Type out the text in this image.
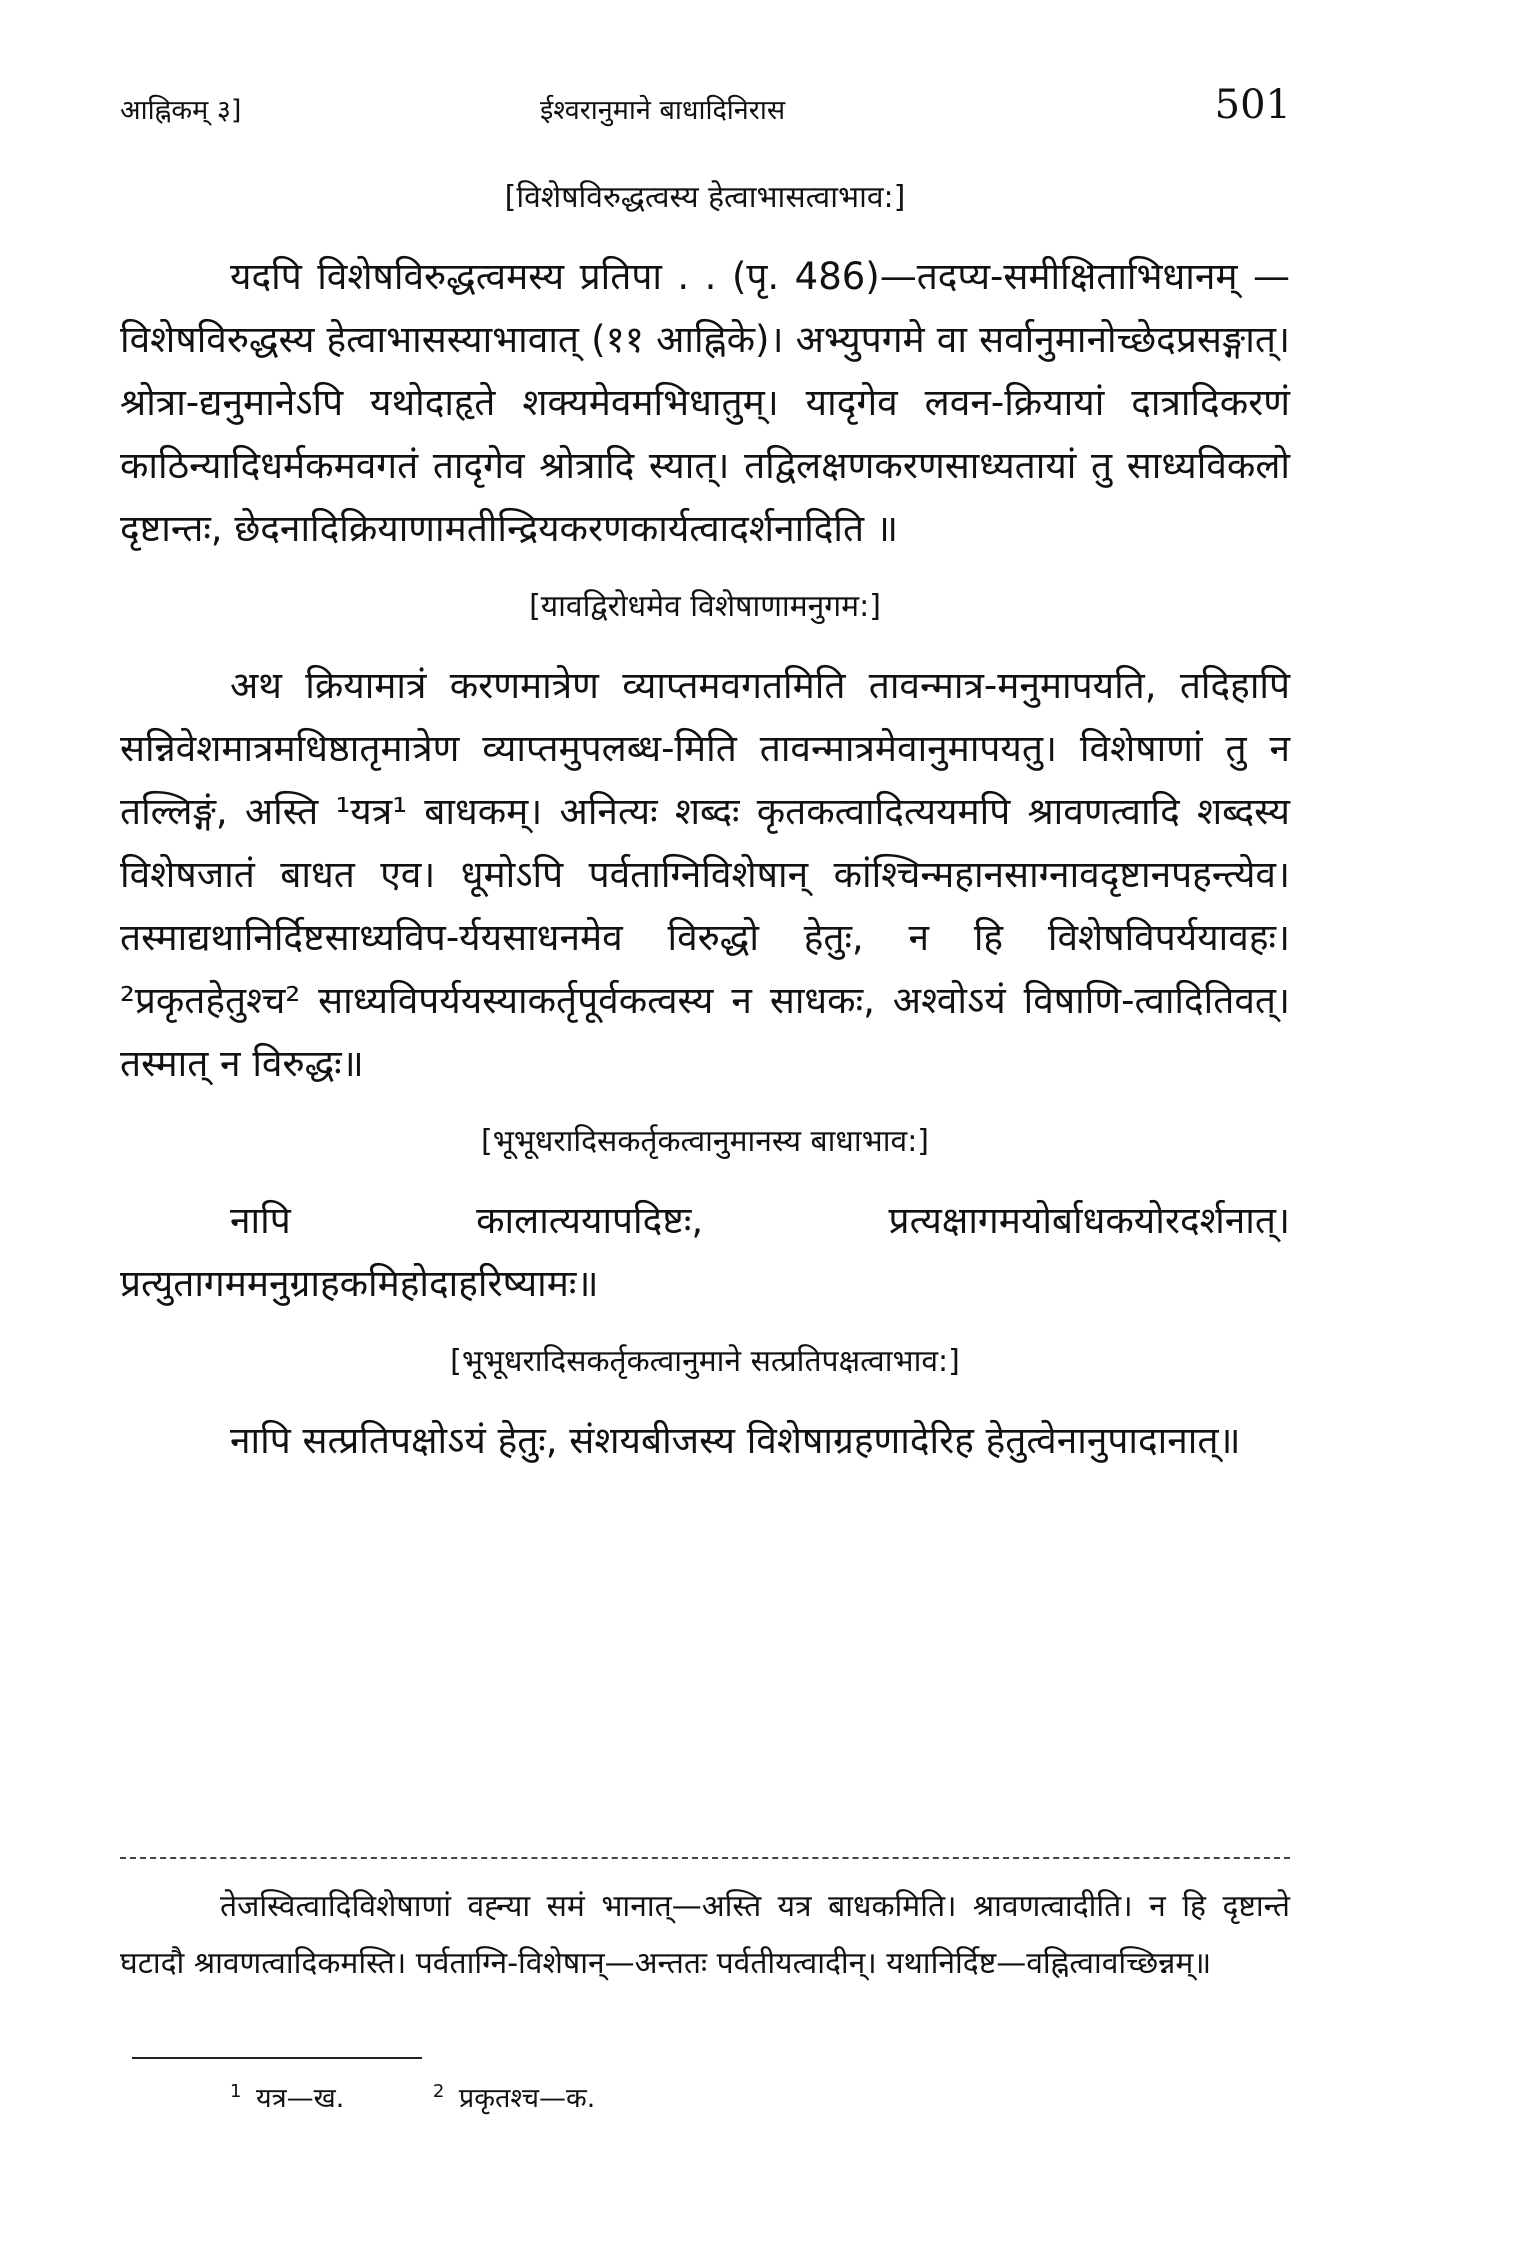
आह्निकम् ३]	ईश्वरानुमाने बाधादिनिरास	501
[विशेषविरुद्धत्वस्य हेत्वाभासत्वाभाव:]

यदपि विशेषविरुद्धत्वमस्य प्रतिपा . . (पृ. 486)—तदप्य-समीक्षिताभिधानम् — विशेषविरुद्धस्य हेत्वाभासस्याभावात् (११ आह्निके)। अभ्युपगमे वा सर्वानुमानोच्छेदप्रसङ्गात्। श्रोत्रा-द्यनुमानेऽपि यथोदाहृते शक्यमेवमभिधातुम्। यादृगेव लवन-क्रियायां दात्रादिकरणं काठिन्यादिधर्मकमवगतं तादृगेव श्रोत्रादि स्यात्। तद्विलक्षणकरणसाध्यतायां तु साध्यविकलो दृष्टान्तः, छेदनादिक्रियाणामतीन्द्रियकरणकार्यत्वादर्शनादिति ॥

[यावद्विरोधमेव विशेषाणामनुगम:]

अथ क्रियामात्रं करणमात्रेण व्याप्तमवगतमिति तावन्मात्र-मनुमापयति, तदिहापि सन्निवेशमात्रमधिष्ठातृमात्रेण व्याप्तमुपलब्ध-मिति तावन्मात्रमेवानुमापयतु। विशेषाणां तु न तल्लिङ्गं, अस्ति ¹यत्र¹ बाधकम्। अनित्यः शब्दः कृतकत्वादित्ययमपि श्रावणत्वादि शब्दस्य विशेषजातं बाधत एव। धूमोऽपि पर्वताग्निविशेषान् कांश्चिन्महानसाग्नावदृष्टानपहन्त्येव। तस्माद्यथानिर्दिष्टसाध्यविप-र्ययसाधनमेव विरुद्धो हेतुः, न हि विशेषविपर्ययावहः। ²प्रकृतहेतुश्च² साध्यविपर्ययस्याकर्तृपूर्वकत्वस्य न साधकः, अश्वोऽयं विषाणि-त्वादितिवत्। तस्मात् न विरुद्धः॥

[भूभूधरादिसकर्तृकत्वानुमानस्य बाधाभाव:]

नापि कालात्ययापदिष्टः, प्रत्यक्षागमयोर्बाधकयोरदर्शनात्। प्रत्युतागममनुग्राहकमिहोदाहरिष्यामः॥

[भूभूधरादिसकर्तृकत्वानुमाने सत्प्रतिपक्षत्वाभाव:]

नापि सत्प्रतिपक्षोऽयं हेतुः, संशयबीजस्य विशेषाग्रहणादेरिह हेतुत्वेनानुपादानात्॥

तेजस्वित्वादिविशेषाणां वह्न्या समं भानात्—अस्ति यत्र बाधकमिति। श्रावणत्वादीति। न हि दृष्टान्ते घटादौ श्रावणत्वादिकमस्ति। पर्वताग्नि-विशेषान्—अन्ततः पर्वतीयत्वादीन्। यथानिर्दिष्ट—वह्नित्वावच्छिन्नम्॥

$^1$ यत्र—ख.	$^2$ प्रकृतश्च—क.
